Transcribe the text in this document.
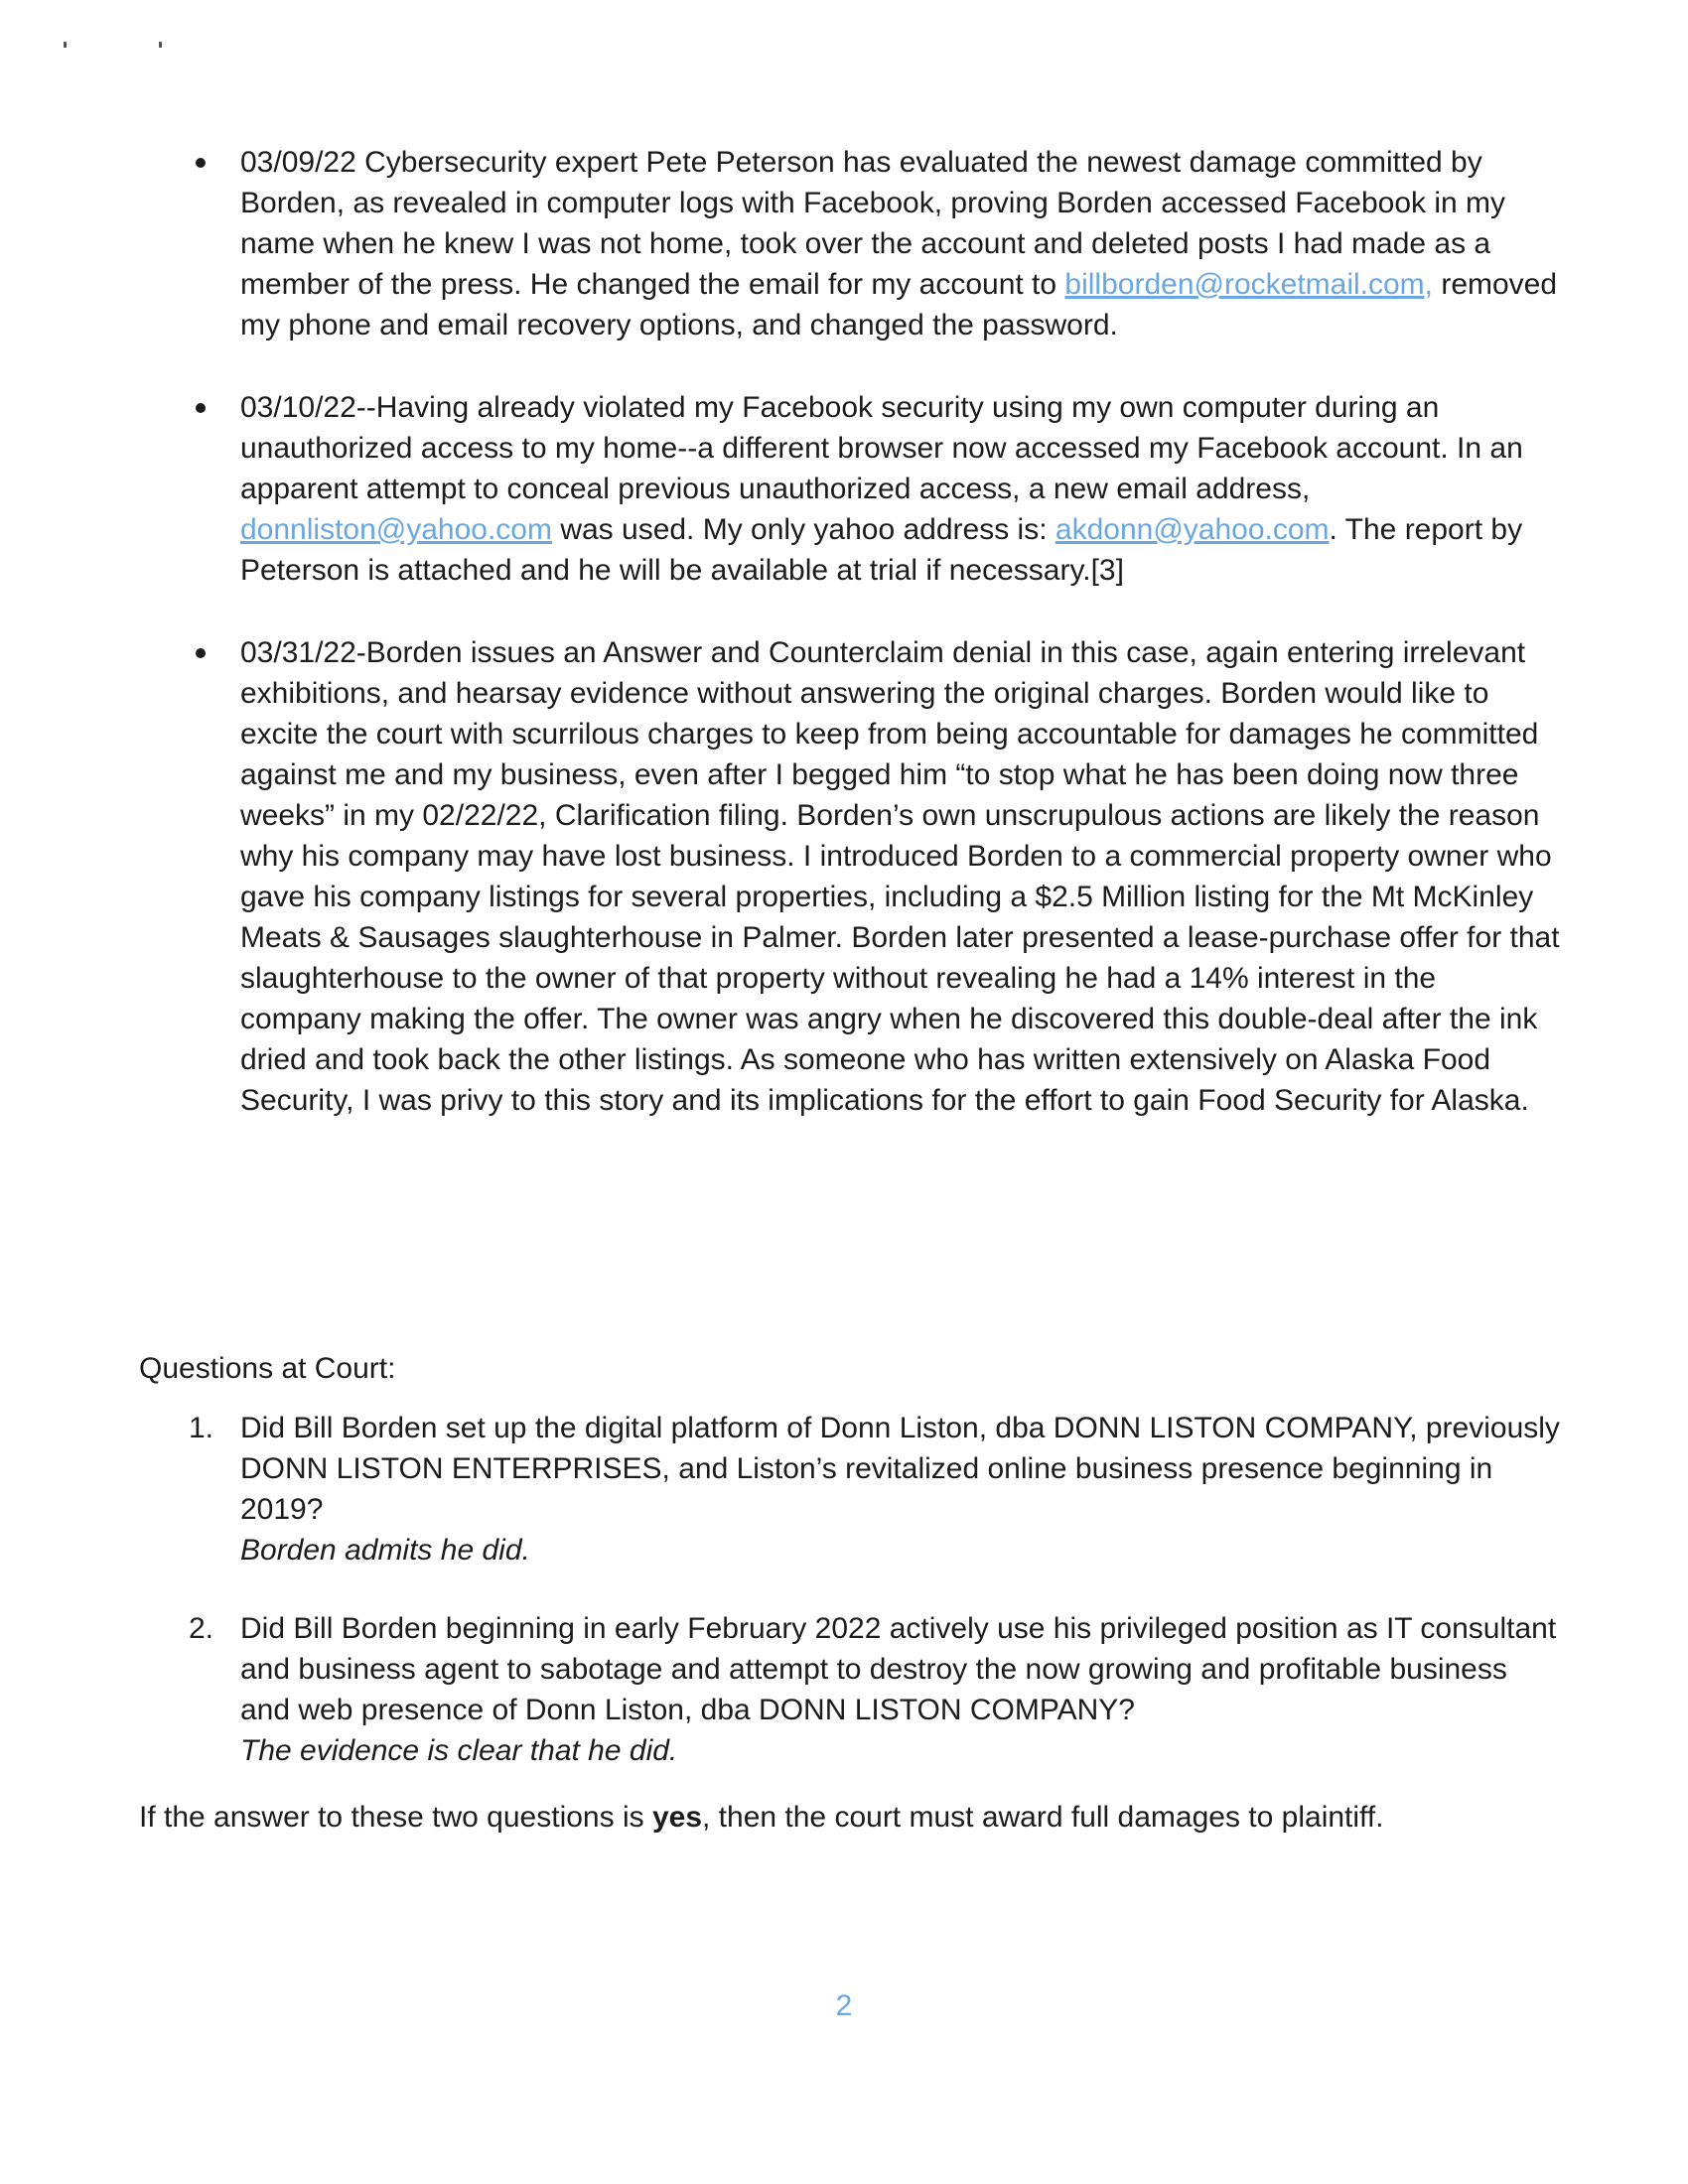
03/09/22 Cybersecurity expert Pete Peterson has evaluated the newest damage committed by Borden, as revealed in computer logs with Facebook, proving Borden accessed Facebook in my name when he knew I was not home, took over the account and deleted posts I had made as a member of the press. He changed the email for my account to billborden@rocketmail.com, removed my phone and email recovery options, and changed the password.
03/10/22--Having already violated my Facebook security using my own computer during an unauthorized access to my home--a different browser now accessed my Facebook account. In an apparent attempt to conceal previous unauthorized access, a new email address, donnliston@yahoo.com was used. My only yahoo address is: akdonn@yahoo.com. The report by Peterson is attached and he will be available at trial if necessary.[3]
03/31/22-Borden issues an Answer and Counterclaim denial in this case, again entering irrelevant exhibitions, and hearsay evidence without answering the original charges. Borden would like to excite the court with scurrilous charges to keep from being accountable for damages he committed against me and my business, even after I begged him “to stop what he has been doing now three weeks” in my 02/22/22, Clarification filing. Borden’s own unscrupulous actions are likely the reason why his company may have lost business. I introduced Borden to a commercial property owner who gave his company listings for several properties, including a $2.5 Million listing for the Mt McKinley Meats & Sausages slaughterhouse in Palmer. Borden later presented a lease-purchase offer for that slaughterhouse to the owner of that property without revealing he had a 14% interest in the company making the offer. The owner was angry when he discovered this double-deal after the ink dried and took back the other listings. As someone who has written extensively on Alaska Food Security, I was privy to this story and its implications for the effort to gain Food Security for Alaska.

Questions at Court:

1. Did Bill Borden set up the digital platform of Donn Liston, dba DONN LISTON COMPANY, previously DONN LISTON ENTERPRISES, and Liston’s revitalized online business presence beginning in 2019?
Borden admits he did.
2. Did Bill Borden beginning in early February 2022 actively use his privileged position as IT consultant and business agent to sabotage and attempt to destroy the now growing and profitable business and web presence of Donn Liston, dba DONN LISTON COMPANY?
The evidence is clear that he did.

If the answer to these two questions is yes, then the court must award full damages to plaintiff.

2
